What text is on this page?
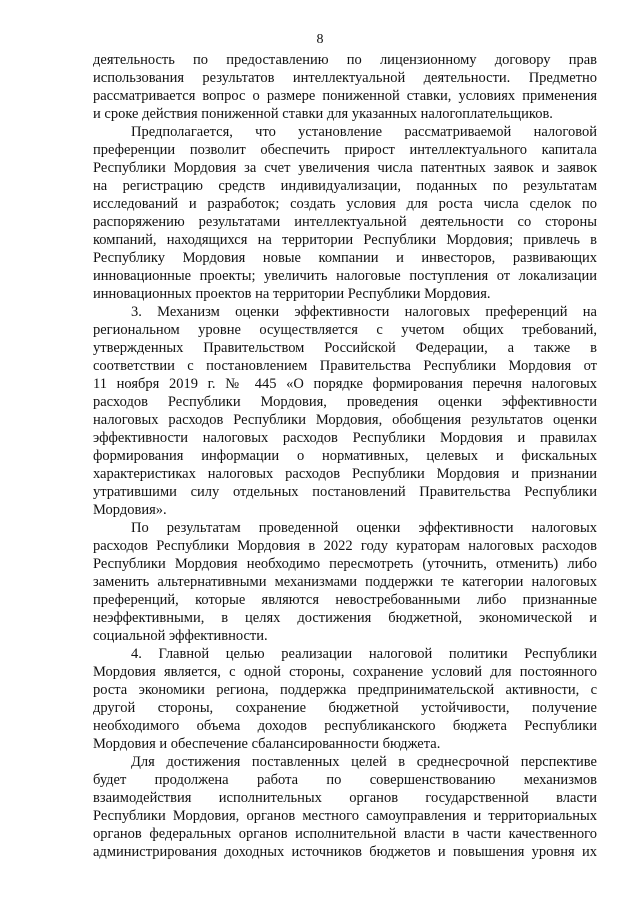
8

деятельность по предоставлению по лицензионному договору прав
использования результатов интеллектуальной деятельности. Предметно
рассматривается вопрос о размере пониженной ставки, условиях применения
и сроке действия пониженной ставки для указанных налогоплательщиков.

Предполагается, что установление рассматриваемой налоговой
преференции позволит обеспечить прирост интеллектуального капитала
Республики Мордовия за счет увеличения числа патентных заявок и заявок
на регистрацию средств индивидуализации, поданных по результатам
исследований и разработок; создать условия для роста числа сделок по
распоряжению результатами интеллектуальной деятельности со стороны
компаний, находящихся на территории Республики Мордовия; привлечь в
Республику Мордовия новые компании и инвесторов, развивающих
инновационные проекты; увеличить налоговые поступления от локализации
инновационных проектов на территории Республики Мордовия.

3. Механизм оценки эффективности налоговых преференций на
региональном уровне осуществляется с учетом общих требований,
утвержденных Правительством Российской Федерации, а также в
соответствии с постановлением Правительства Республики Мордовия от
11 ноября 2019 г. № 445 «О порядке формирования перечня налоговых
расходов Республики Мордовия, проведения оценки эффективности
налоговых расходов Республики Мордовия, обобщения результатов оценки
эффективности налоговых расходов Республики Мордовия и правилах
формирования информации о нормативных, целевых и фискальных
характеристиках налоговых расходов Республики Мордовия и признании
утратившими силу отдельных постановлений Правительства Республики
Мордовия».

По результатам проведенной оценки эффективности налоговых
расходов Республики Мордовия в 2022 году кураторам налоговых расходов
Республики Мордовия необходимо пересмотреть (уточнить, отменить) либо
заменить альтернативными механизмами поддержки те категории налоговых
преференций, которые являются невостребованными либо признанные
неэффективными, в целях достижения бюджетной, экономической и
социальной эффективности.

4. Главной целью реализации налоговой политики Республики
Мордовия является, с одной стороны, сохранение условий для постоянного
роста экономики региона, поддержка предпринимательской активности, с
другой стороны, сохранение бюджетной устойчивости, получение
необходимого объема доходов республиканского бюджета Республики
Мордовия и обеспечение сбалансированности бюджета.

Для достижения поставленных целей в среднесрочной перспективе
будет продолжена работа по совершенствованию механизмов
взаимодействия исполнительных органов государственной власти
Республики Мордовия, органов местного самоуправления и территориальных
органов федеральных органов исполнительной власти в части качественного
администрирования доходных источников бюджетов и повышения уровня их
